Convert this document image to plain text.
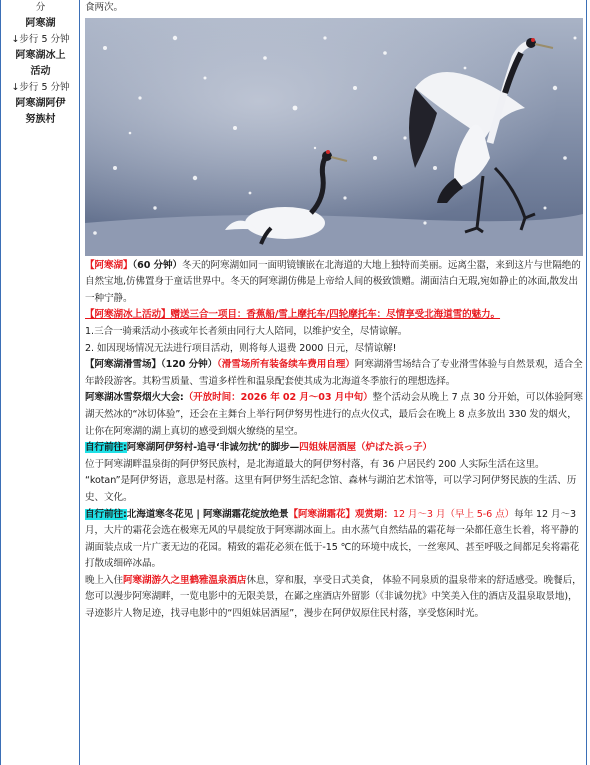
分

阿寒湖

↓步行 5 分钟

阿寒湖冰上

活动

↓步行 5 分钟

阿寒湖阿伊

努族村

食两次。

【阿寒湖】（60 分钟）冬天的阿寒湖如同一面明镜镶嵌在北海道的大地上独特而美丽。远离尘嚣，来到这片与世隔绝的自然宝地,仿佛置身于童话世界中。冬天的阿寒湖仿佛是上帝给人间的极致馈赠。湖面洁白无瑕,宛如静止的冰面,散发出一种宁静。

【阿寒湖冰上活动】赠送三合一项目：香蕉船/雪上摩托车/四轮摩托车：尽情享受北海道雪的魅力。

1.三合一骑乘活动小孩或年长者须由同行大人陪同，以维护安全，尽情谅解。

2. 如因现场情况无法进行项目活动，则将每人退费 2000 日元，尽情谅解!

【阿寒湖滑雪场】（120 分钟）（滑雪场所有装备续车费用自理）阿寒湖滑雪场结合了专业滑雪体验与自然景观，适合全年龄段游客。其粉雪质量、雪道多样性和温泉配套使其成为北海道冬季旅行的理想选择。

阿寒湖冰雪祭烟火大会:（开放时间：2026 年 02 月～03 月中旬）整个活动会从晚上 7 点 30 分开始，可以体验阿寒湖天然冰的“冰切体验”，还会在主舞台上举行阿伊努男性进行的点火仪式，最后会在晚上 8 点多放出 330 发的烟火，让你在阿寒湖的湖上真切的感受到烟火缭绕的星空。

自行前往:阿寒湖阿伊努村-追寻‘非诚勿扰’的脚步—四姐妹居酒屋（炉ばた浜っ子）

位于阿寒湖畔温泉街的阿伊努民族村，是北海道最大的阿伊努村落，有 36 户居民约 200 人实际生活在这里。 “kotan”是阿伊努语，意思是村落。这里有阿伊努生活纪念馆、森林与湖泊艺术馆等，可以学习阿伊努民族的生活、历史、文化。

自行前往:北海道寒冬花见 | 阿寒湖霜花绽放绝景【阿寒湖霜花】观赏期：12 月～3 月（早上 5-6 点）每年 12 月～3 月，大片的霜花会选在极寒无风的早晨绽放于阿寒湖冰面上。由水蒸气自然结晶的霜花每一朵都任意生长着，将平静的湖面装点成一片广袤无边的花园。精致的霜花必须在低于-15 ℃的环境中成长，一丝寒风、甚至呼吸之间都足矣将霜花打散成细碎冰晶。

晚上入住阿寒湖游久之里鹤雅温泉酒店休息，穿和服，享受日式美食， 体验不同泉质的温泉带来的舒适感受。晚餐后，您可以漫步阿寒湖畔，一览电影中的无限美景，在鄙之座酒店外留影（《非诚勿扰》中笑美入住的酒店及温泉取景地)，寻迹影片人物足迹，找寻电影中的“四姐妹居酒屋”，漫步在阿伊奴原住民村落，享受悠闲时光。
